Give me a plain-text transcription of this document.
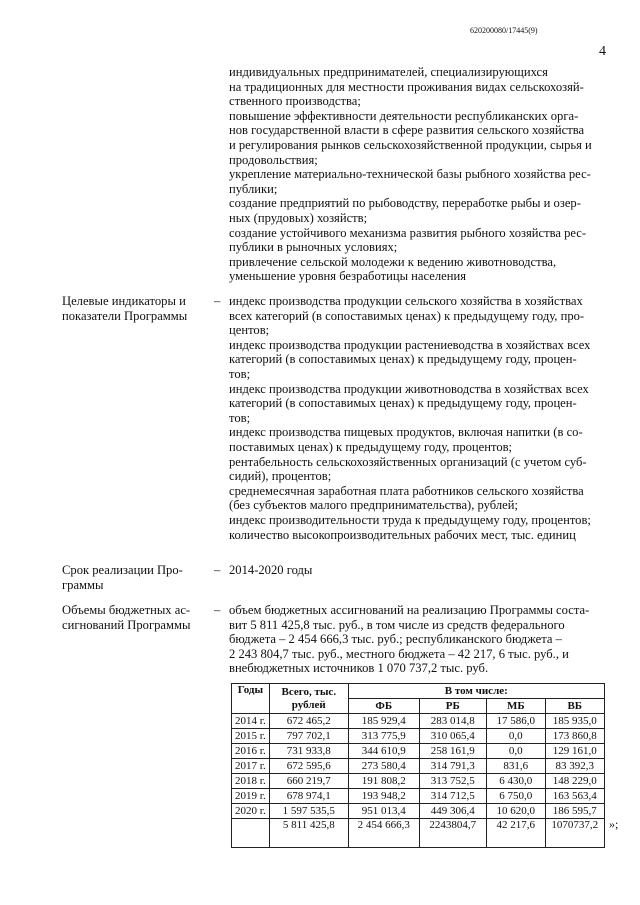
620200080/17445(9)
4
индивидуальных предпринимателей, специализирующихся
на традиционных для местности проживания видах сельскохозяй-
ственного производства;
повышение эффективности деятельности республиканских орга-
нов государственной власти в сфере развития сельского хозяйства
и регулирования рынков сельскохозяйственной продукции, сырья и
продовольствия;
укрепление материально-технической базы рыбного хозяйства рес-
публики;
создание предприятий по рыбоводству, переработке рыбы и озер-
ных (прудовых) хозяйств;
создание устойчивого механизма развития рыбного хозяйства рес-
публики в рыночных условиях;
привлечение сельской молодежи к ведению животноводства,
уменьшение уровня безработицы населения
Целевые индикаторы и
показатели Программы
– индекс производства продукции сельского хозяйства в хозяйствах
всех категорий (в сопоставимых ценах) к предыдущему году, про-
центов;
индекс производства продукции растениеводства в хозяйствах всех
категорий (в сопоставимых ценах) к предыдущему году, процен-
тов;
индекс производства продукции животноводства в хозяйствах всех
категорий (в сопоставимых ценах) к предыдущему году, процен-
тов;
индекс производства пищевых продуктов, включая напитки (в со-
поставимых ценах) к предыдущему году, процентов;
рентабельность сельскохозяйственных организаций (с учетом суб-
сидий), процентов;
среднемесячная заработная плата работников сельского хозяйства
(без субъектов малого предпринимательства), рублей;
индекс производительности труда к предыдущему году, процентов;
количество высокопроизводительных рабочих мест, тыс. единиц
Срок реализации Про-
граммы
– 2014-2020 годы
Объемы бюджетных ас-
сигнований Программы
– объем бюджетных ассигнований на реализацию Программы соста-
вит 5 811 425,8 тыс. руб., в том числе из средств федерального
бюджета – 2 454 666,3 тыс. руб.; республиканского бюджета –
2 243 804,7 тыс. руб., местного бюджета – 42 217, 6 тыс. руб., и
внебюджетных источников 1 070 737,2 тыс. руб.
Годы	Всего, тыс. рублей	В том числе:			
		ФБ	РБ	МБ	ВБ
2014 г.	672 465,2	185 929,4	283 014,8	17 586,0	185 935,0
2015 г.	797 702,1	313 775,9	310 065,4	0,0	173 860,8
2016 г.	731 933,8	344 610,9	258 161,9	0,0	129 161,0
2017 г.	672 595,6	273 580,4	314 791,3	831,6	83 392,3
2018 г.	660 219,7	191 808,2	313 752,5	6 430,0	148 229,0
2019 г.	678 974,1	193 948,2	314 712,5	6 750,0	163 563,4
2020 г.	1 597 535,5	951 013,4	449 306,4	10 620,0	186 595,7
	5 811 425,8	2 454 666,3	2243804,7	42 217,6	1070737,2 »;
